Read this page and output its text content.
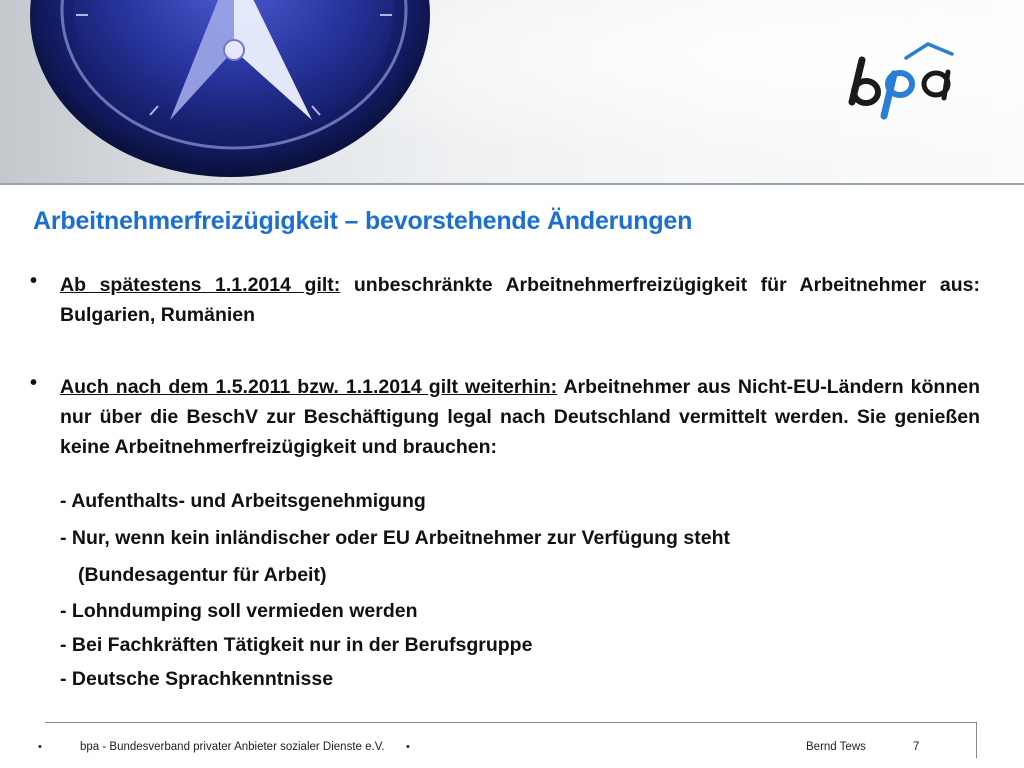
Arbeitnehmerfreizügigkeit – bevorstehende Änderungen
• Ab spätestens 1.1.2014 gilt: unbeschränkte Arbeitnehmerfreizügigkeit für Arbeitnehmer aus: Bulgarien, Rumänien
• Auch nach dem 1.5.2011 bzw. 1.1.2014 gilt weiterhin: Arbeitnehmer aus Nicht-EU-Ländern können nur über die BeschV zur Beschäftigung legal nach Deutschland vermittelt werden. Sie genießen keine Arbeitnehmerfreizügigkeit und brauchen:
- Aufenthalts- und Arbeitsgenehmigung
- Nur, wenn kein inländischer oder EU Arbeitnehmer zur Verfügung steht
(Bundesagentur für Arbeit)
- Lohndumping soll vermieden werden
- Bei Fachkräften Tätigkeit nur in der Berufsgruppe
- Deutsche Sprachkenntnisse
•	bpa - Bundesverband privater Anbieter sozialer Dienste e.V. •	Bernd Tews	7
